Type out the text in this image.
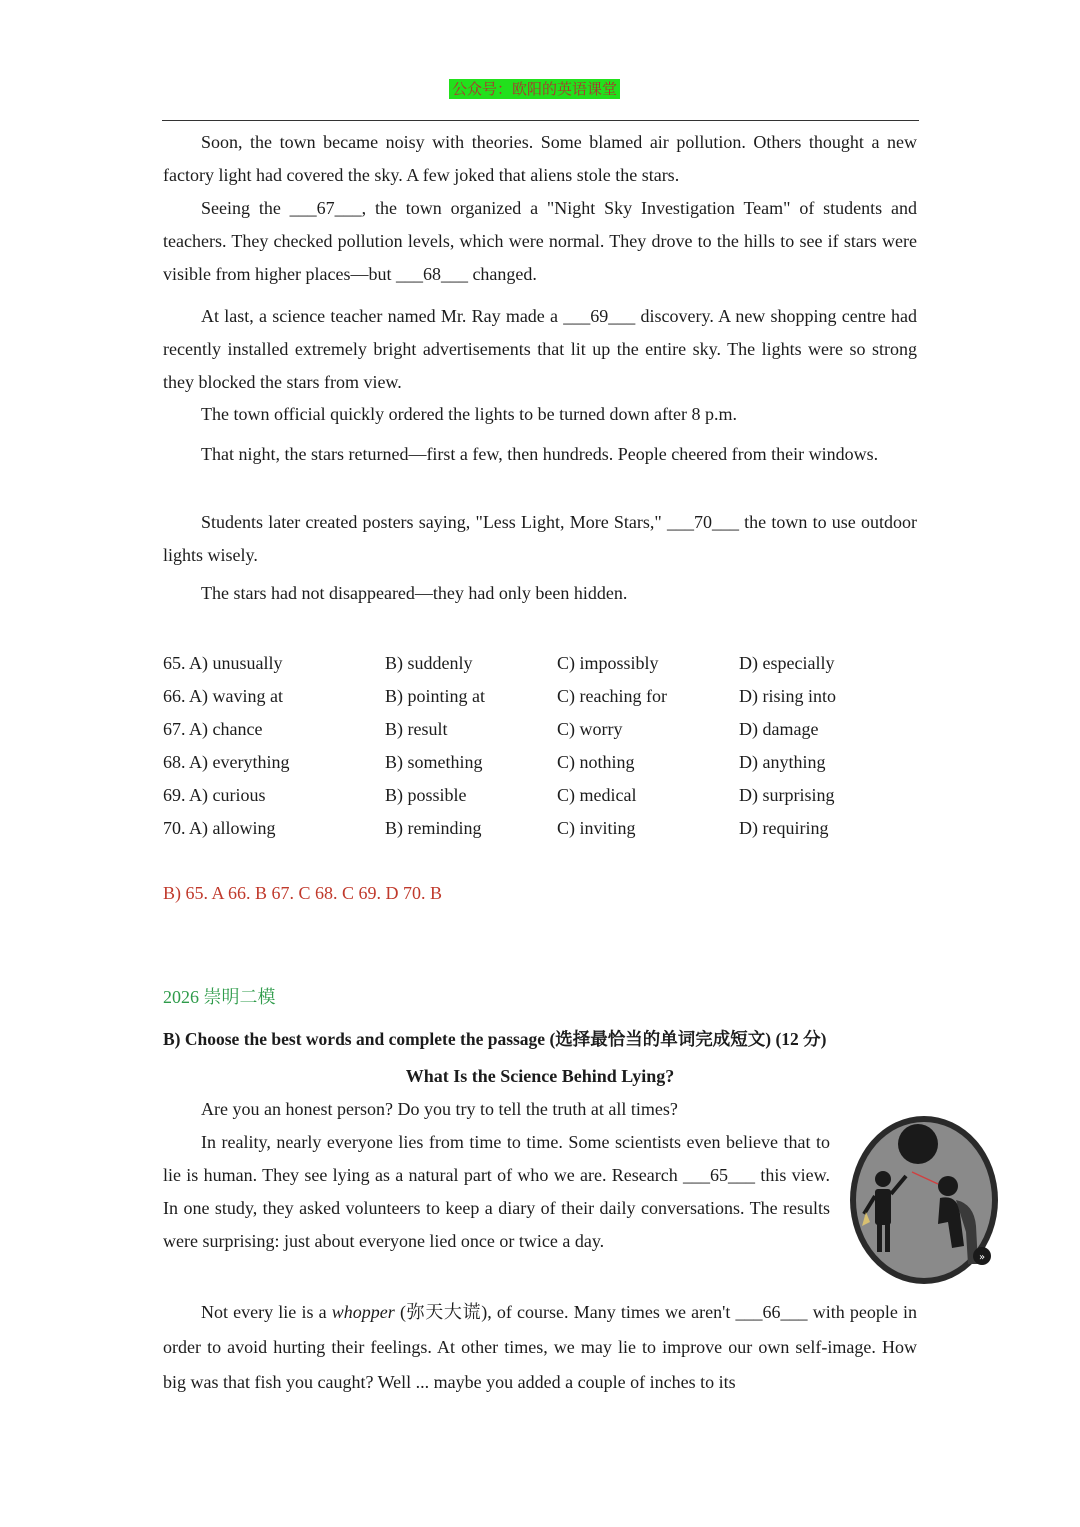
公众号：欧阳的英语课堂

Soon, the town became noisy with theories. Some blamed air pollution. Others thought a new factory light had covered the sky. A few joked that aliens stole the stars.

Seeing the ___67___, the town organized a "Night Sky Investigation Team" of students and teachers. They checked pollution levels, which were normal. They drove to the hills to see if stars were visible from higher places—but ___68___ changed.

At last, a science teacher named Mr. Ray made a ___69___ discovery. A new shopping centre had recently installed extremely bright advertisements that lit up the entire sky. The lights were so strong they blocked the stars from view.

The town official quickly ordered the lights to be turned down after 8 p.m.

That night, the stars returned—first a few, then hundreds. People cheered from their windows.

Students later created posters saying, "Less Light, More Stars," ___70___ the town to use outdoor lights wisely.

The stars had not disappeared—they had only been hidden.

65. A) unusually	B) suddenly	C) impossibly	D) especially
66. A) waving at	B) pointing at	C) reaching for	D) rising into
67. A) chance	B) result	C) worry	D) damage
68. A) everything	B) something	C) nothing	D) anything
69. A) curious	B) possible	C) medical	D) surprising
70. A) allowing	B) reminding	C) inviting	D) requiring
B) 65. A 66. B 67. C 68. C 69. D 70. B
2026 崇明二模
B) Choose the best words and complete the passage (选择最恰当的单词完成短文) (12 分)
What Is the Science Behind Lying?

Are you an honest person? Do you try to tell the truth at all times?

In reality, nearly everyone lies from time to time. Some scientists even believe that to lie is human. They see lying as a natural part of who we are. Research ___65___ this view. In one study, they asked volunteers to keep a diary of their daily conversations. The results were surprising: just about everyone lied once or twice a day.

Not every lie is a whopper (弥天大谎), of course. Many times we aren't ___66___ with people in order to avoid hurting their feelings. At other times, we may lie to improve our own self-image. How big was that fish you caught? Well ... maybe you added a couple of inches to its

»
